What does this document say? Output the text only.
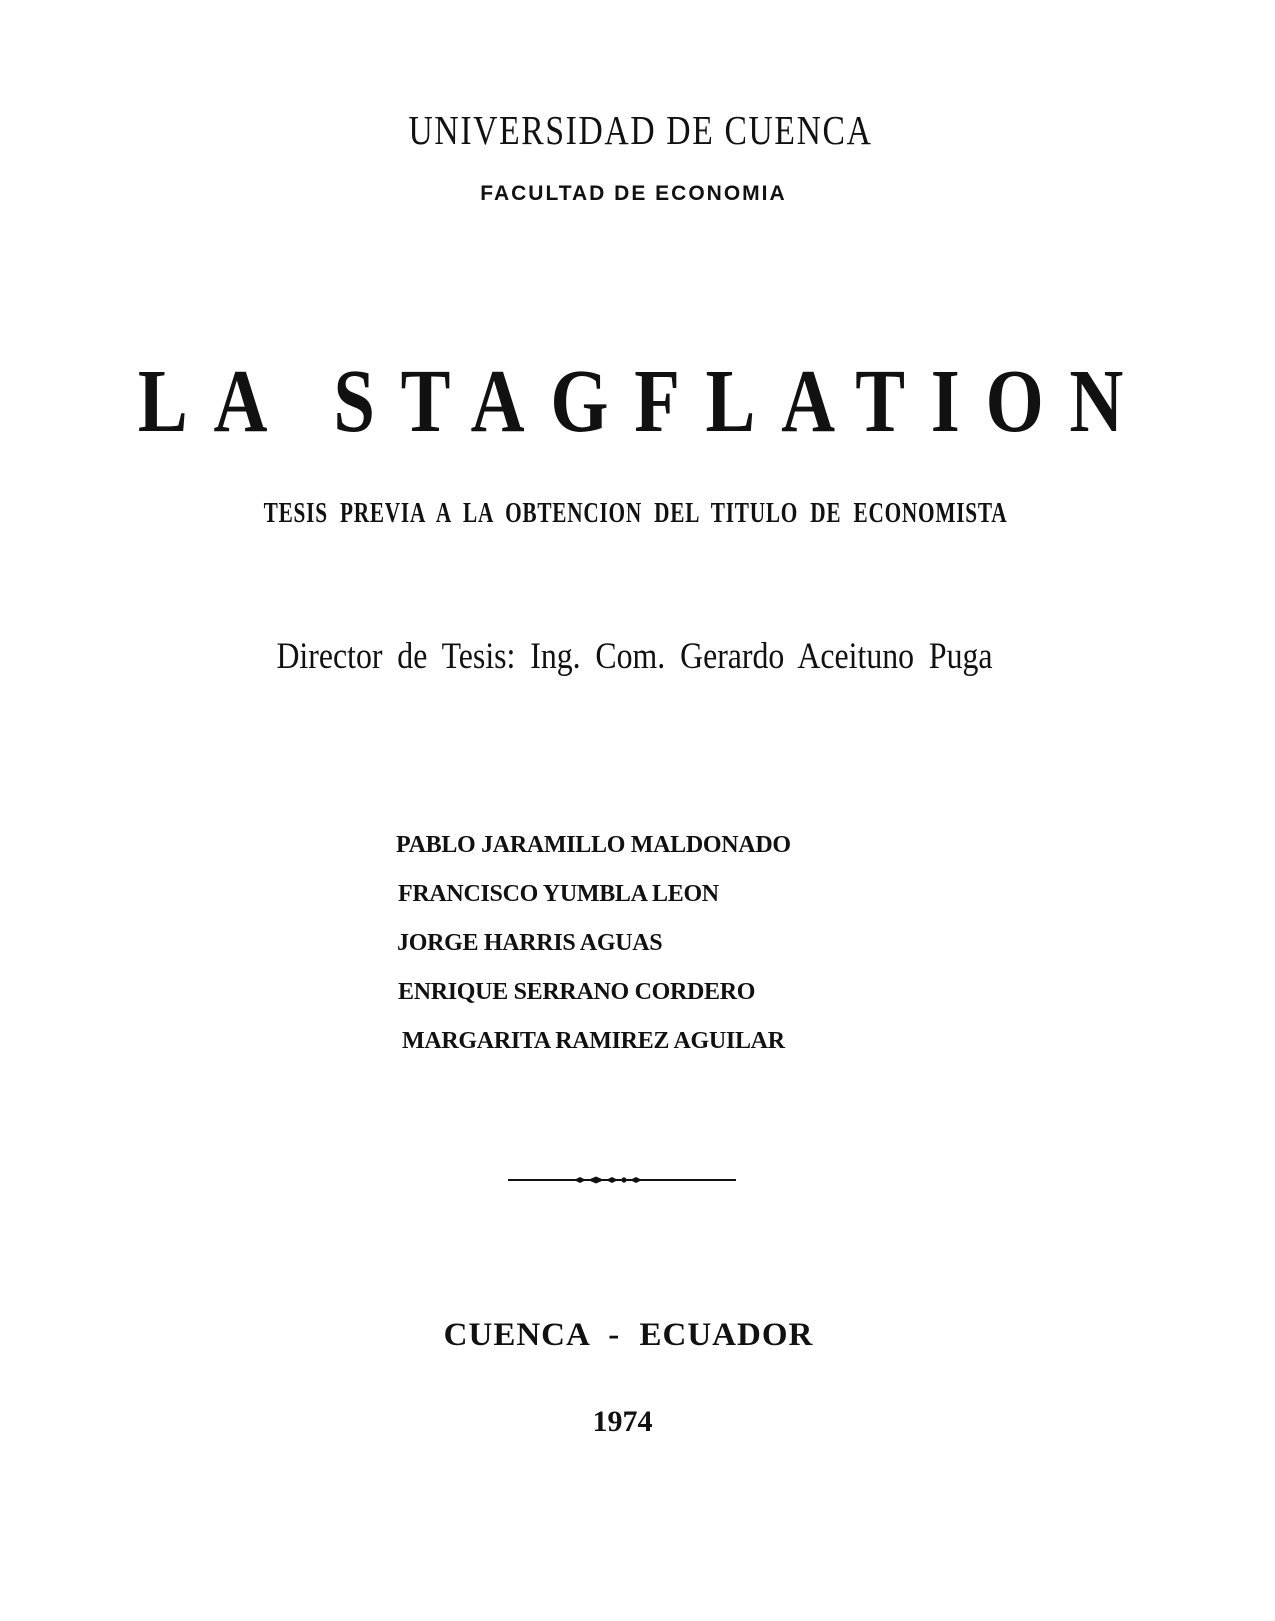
UNIVERSIDAD DE CUENCA
FACULTAD DE ECONOMIA
LA STAGFLATION
TESIS PREVIA A LA OBTENCION DEL TITULO DE ECONOMISTA
Director de Tesis: Ing. Com. Gerardo Aceituno Puga
PABLO JARAMILLO MALDONADO
FRANCISCO YUMBLA LEON
JORGE HARRIS AGUAS
ENRIQUE SERRANO CORDERO
MARGARITA RAMIREZ AGUILAR
CUENCA - ECUADOR
1974
